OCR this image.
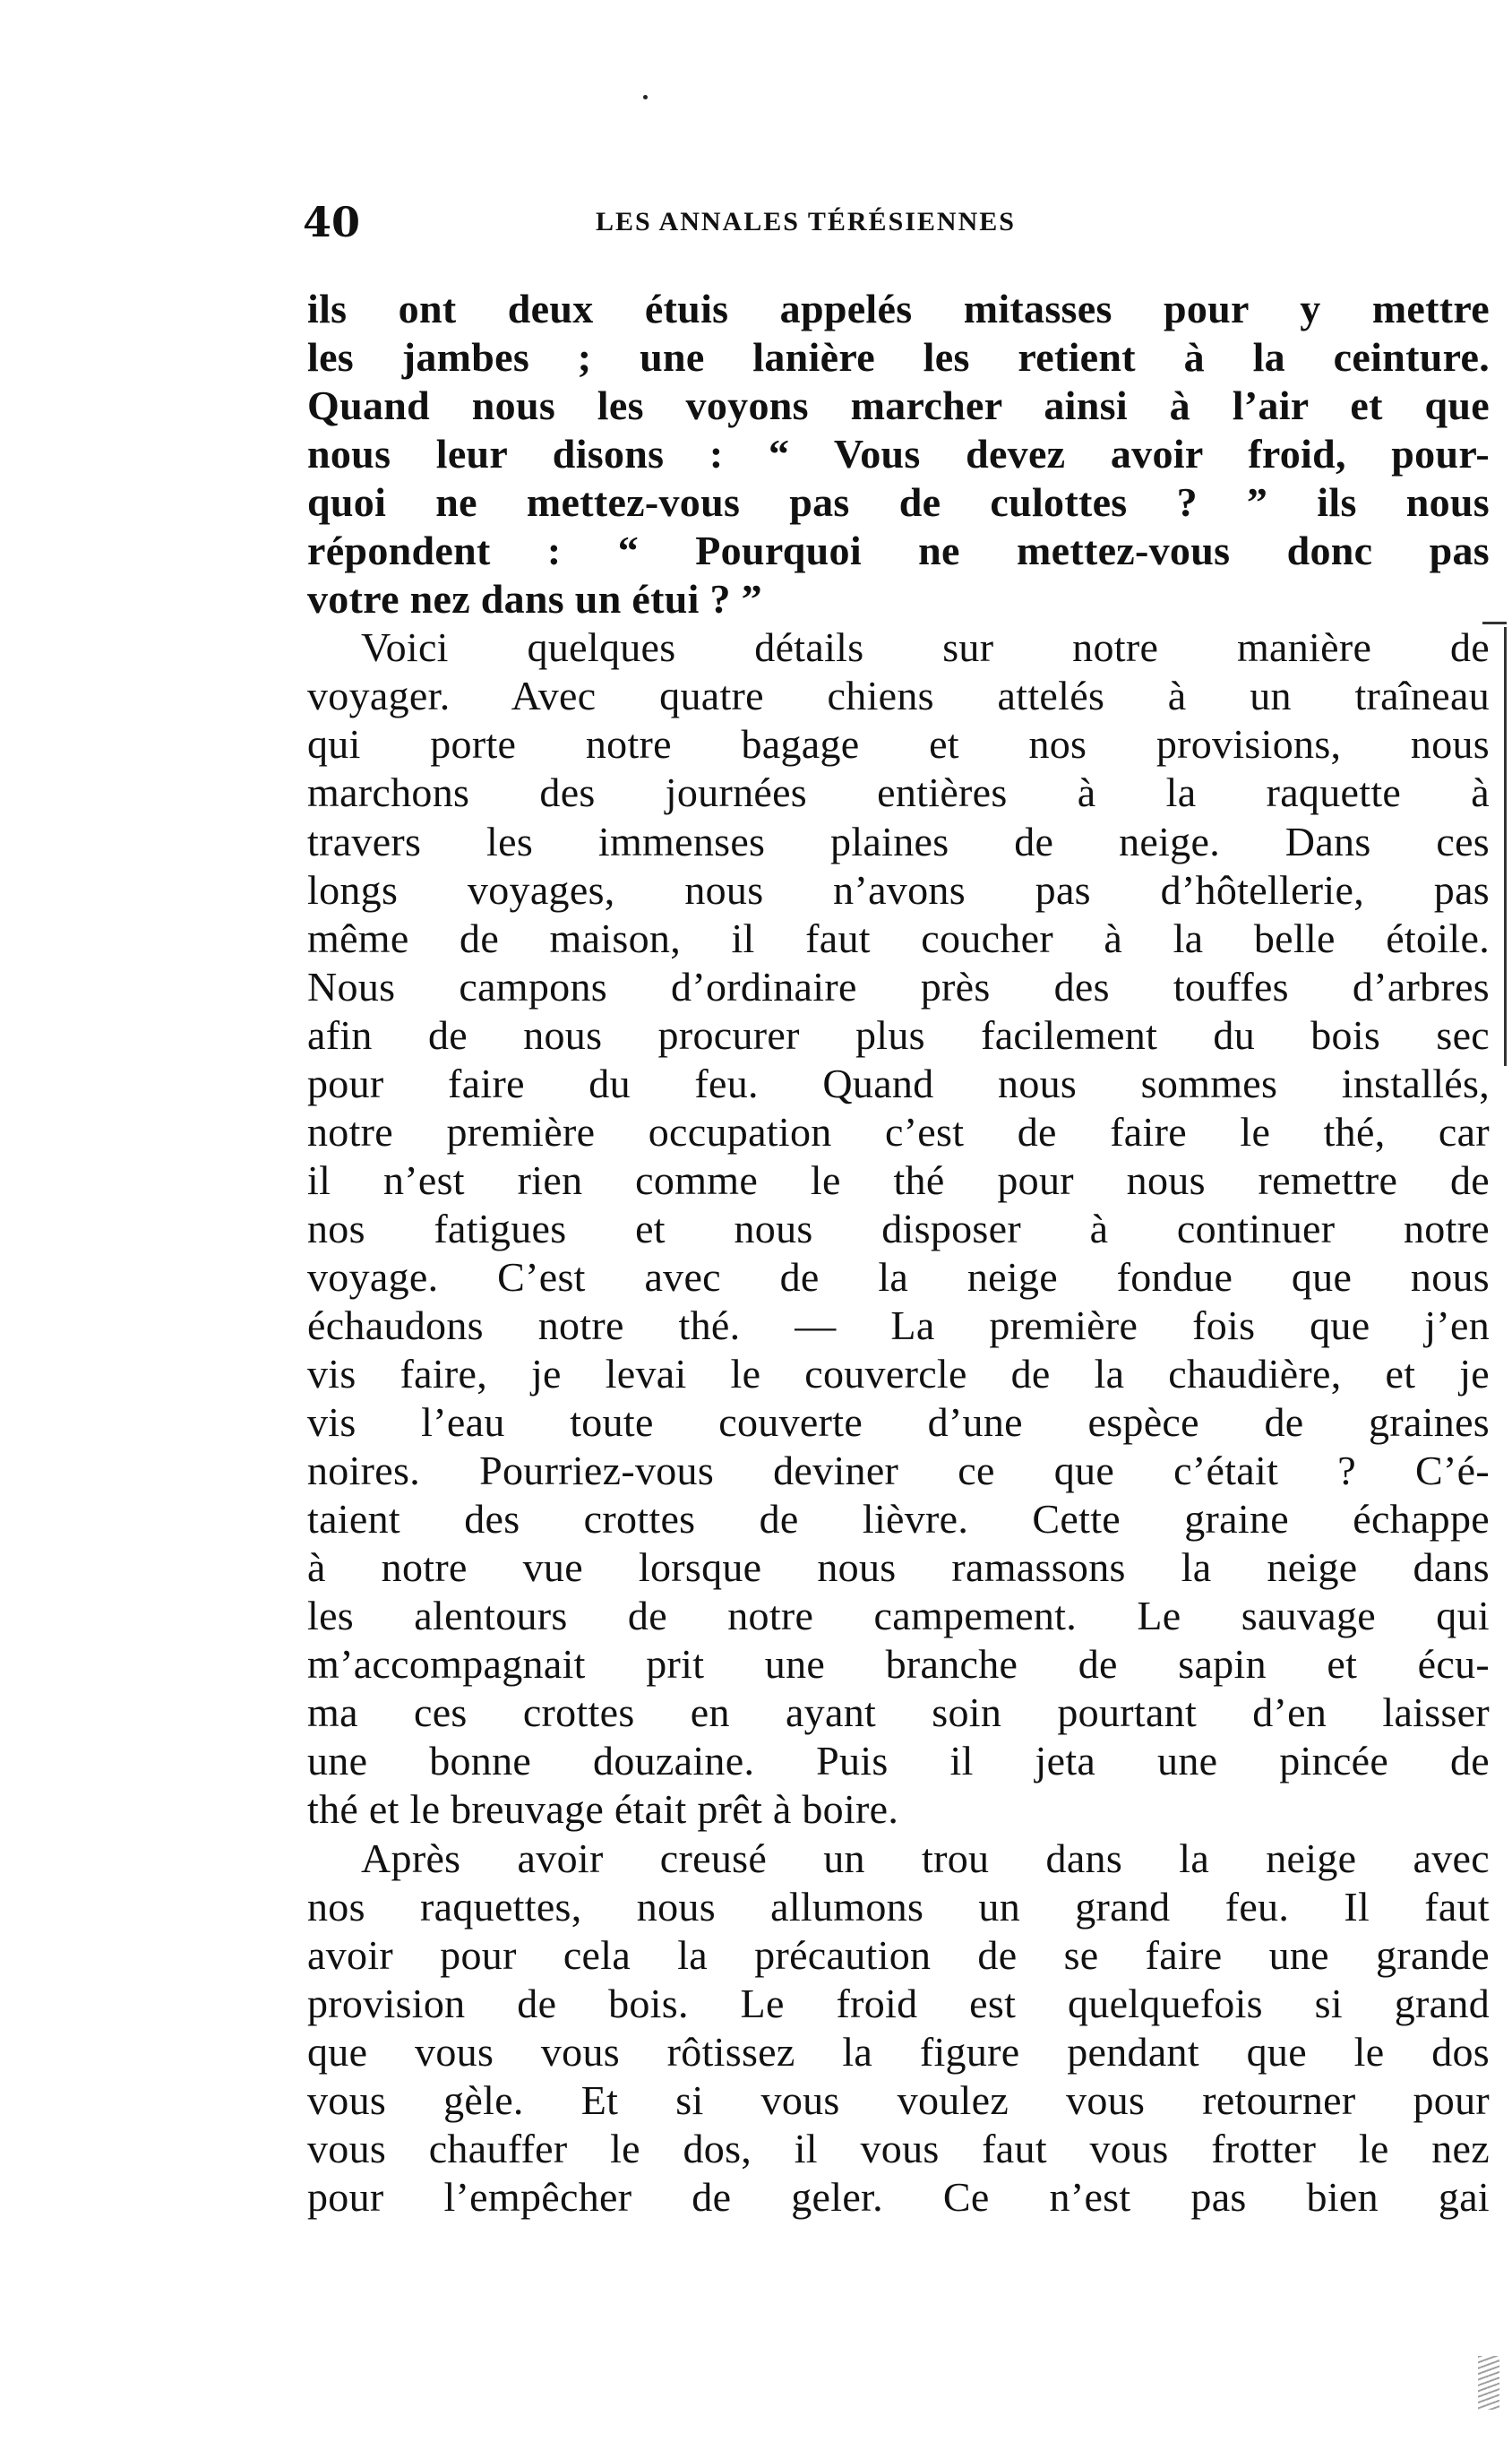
40	LES ANNALES TÉRÉSIENNES
ils ont deux étuis appelés mitasses pour y mettre
les jambes ; une lanière les retient à la ceinture.
Quand nous les voyons marcher ainsi à l’air et que
nous leur disons : “ Vous devez avoir froid, pour-
quoi ne mettez-vous pas de culottes ? ” ils nous
répondent : “ Pourquoi ne mettez-vous donc pas
votre nez dans un étui ? ”
Voici quelques détails sur notre manière de
voyager. Avec quatre chiens attelés à un traîneau
qui porte notre bagage et nos provisions, nous
marchons des journées entières à la raquette à
travers les immenses plaines de neige. Dans ces
longs voyages, nous n’avons pas d’hôtellerie, pas
même de maison, il faut coucher à la belle étoile.
Nous campons d’ordinaire près des touffes d’arbres
afin de nous procurer plus facilement du bois sec
pour faire du feu. Quand nous sommes installés,
notre première occupation c’est de faire le thé, car
il n’est rien comme le thé pour nous remettre de
nos fatigues et nous disposer à continuer notre
voyage. C’est avec de la neige fondue que nous
échaudons notre thé. — La première fois que j’en
vis faire, je levai le couvercle de la chaudière, et je
vis l’eau toute couverte d’une espèce de graines
noires. Pourriez-vous deviner ce que c’était ? C’é-
taient des crottes de lièvre. Cette graine échappe
à notre vue lorsque nous ramassons la neige dans
les alentours de notre campement. Le sauvage qui
m’accompagnait prit une branche de sapin et écu-
ma ces crottes en ayant soin pourtant d’en laisser
une bonne douzaine. Puis il jeta une pincée de
thé et le breuvage était prêt à boire.
Après avoir creusé un trou dans la neige avec
nos raquettes, nous allumons un grand feu. Il faut
avoir pour cela la précaution de se faire une grande
provision de bois. Le froid est quelquefois si grand
que vous vous rôtissez la figure pendant que le dos
vous gèle. Et si vous voulez vous retourner pour
vous chauffer le dos, il vous faut vous frotter le nez
pour l’empêcher de geler. Ce n’est pas bien gai
